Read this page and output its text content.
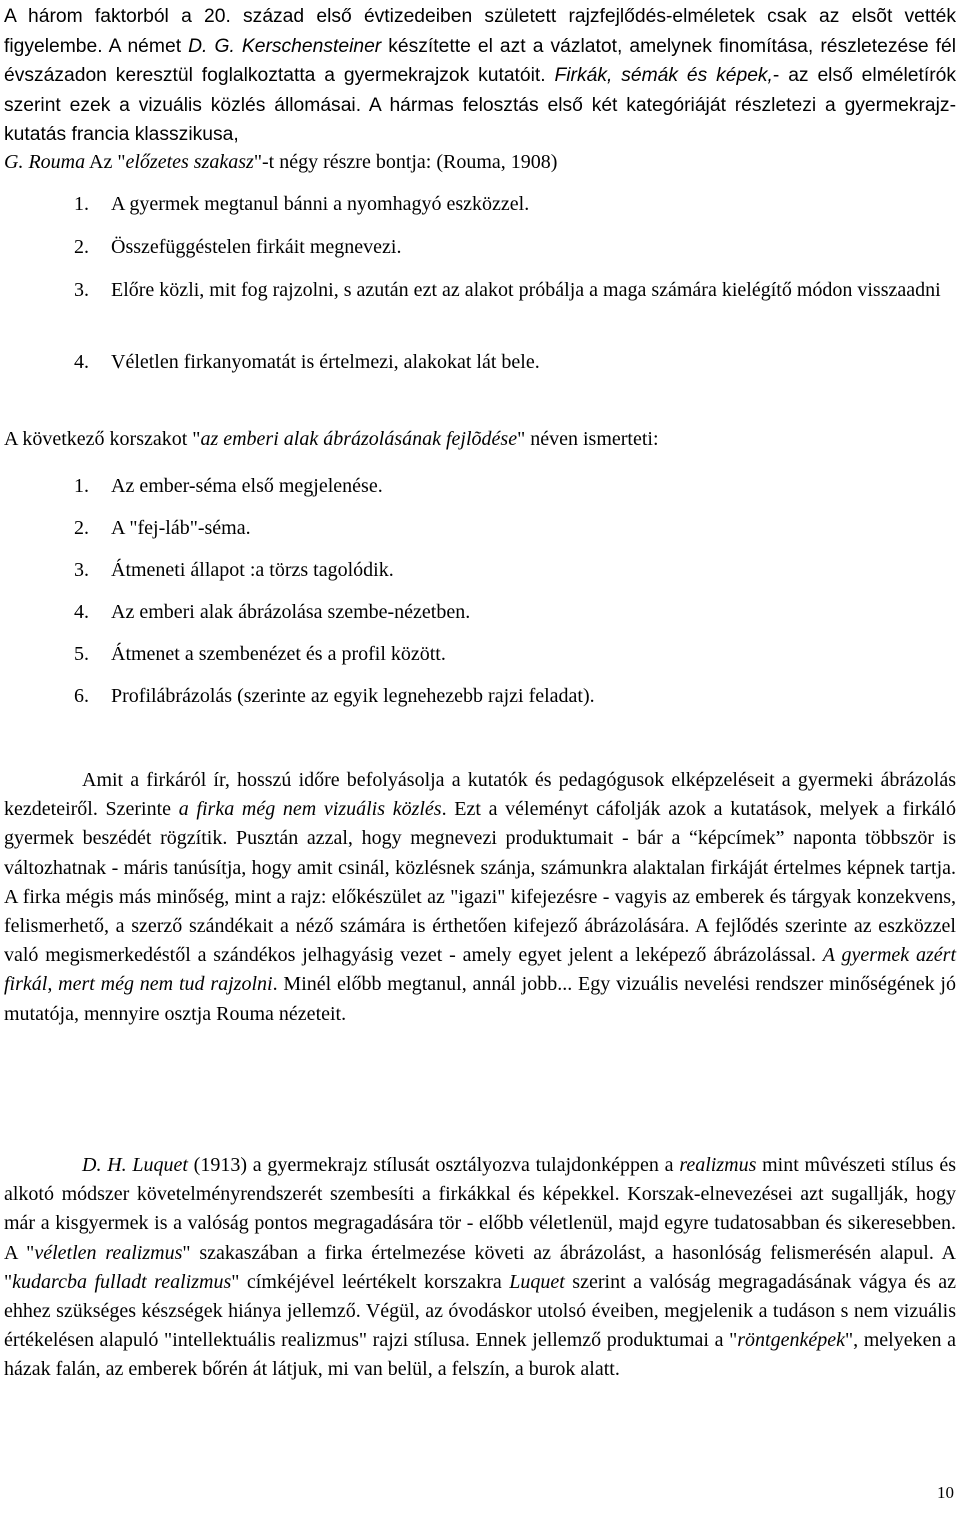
A három faktorból a 20. század első évtizedeiben született rajzfejlődés-elméletek csak az elsõt vették figyelembe. A német D. G. Kerschensteiner készítette el azt a vázlatot, amelynek finomítása, részletezése fél évszázadon keresztül foglalkoztatta a gyermekrajzok kutatóit. Firkák, sémák és képek,- az első elméletírók szerint ezek a vizuális közlés állomásai. A hármas felosztás első két kategóriáját részletezi a gyermekrajz-kutatás francia klasszikusa,

G. Rouma Az "előzetes szakasz"-t négy részre bontja: (Rouma, 1908)

1.	A gyermek megtanul bánni a nyomhagyó eszközzel.
2.	Összefüggéstelen firkáit megnevezi.
3.	Előre közli, mit fog rajzolni, s azután ezt az alakot próbálja a maga számára kielégítő módon visszaadni
4.	Véletlen firkanyomatát is értelmezi, alakokat lát bele.

A következő korszakot "az emberi alak ábrázolásának fejlõdése" néven ismerteti:

1.	Az ember-séma első megjelenése.
2.	A "fej-láb"-séma.
3.	Átmeneti állapot :a törzs tagolódik.
4.	Az emberi alak ábrázolása szembe-nézetben.
5.	Átmenet a szembenézet és a profil között.
6.	Profilábrázolás (szerinte az egyik legnehezebb rajzi feladat).

Amit a firkáról ír, hosszú időre befolyásolja a kutatók és pedagógusok elképzeléseit a gyermeki ábrázolás kezdeteiről. Szerinte a firka még nem vizuális közlés. Ezt a véleményt cáfolják azok a kutatások, melyek a firkáló gyermek beszédét rögzítik. Pusztán azzal, hogy megnevezi produktumait - bár a “képcímek” naponta többször is változhatnak - máris tanúsítja, hogy amit csinál, közlésnek szánja, számunkra alaktalan firkáját értelmes képnek tartja. A firka mégis más minőség, mint a rajz: előkészület az "igazi" kifejezésre - vagyis az emberek és tárgyak konzekvens, felismerhető, a szerző szándékait a néző számára is érthetően kifejező ábrázolására. A fejlődés szerinte az eszközzel való megismerkedéstől a szándékos jelhagyásig vezet - amely egyet jelent a leképező ábrázolással. A gyermek azért firkál, mert még nem tud rajzolni. Minél előbb megtanul, annál jobb... Egy vizuális nevelési rendszer minőségének jó mutatója, mennyire osztja Rouma nézeteit.

D. H. Luquet (1913) a gyermekrajz stílusát osztályozva tulajdonképpen a realizmus mint mûvészeti stílus és alkotó módszer követelményrendszerét szembesíti a firkákkal és képekkel. Korszak-elnevezései azt sugallják, hogy már a kisgyermek is a valóság pontos megragadására tör - előbb véletlenül, majd egyre tudatosabban és sikeresebben. A "véletlen realizmus" szakaszában a firka értelmezése követi az ábrázolást, a hasonlóság felismerésén alapul. A "kudarcba fulladt realizmus" címkéjével leértékelt korszakra Luquet szerint a valóság megragadásának vágya és az ehhez szükséges készségek hiánya jellemző. Végül, az óvodáskor utolsó éveiben, megjelenik a tudáson s nem vizuális értékelésen alapuló "intellektuális realizmus" rajzi stílusa. Ennek jellemző produktumai a "röntgenképek", melyeken a házak falán, az emberek bőrén át látjuk, mi van belül, a felszín, a burok alatt.

10
